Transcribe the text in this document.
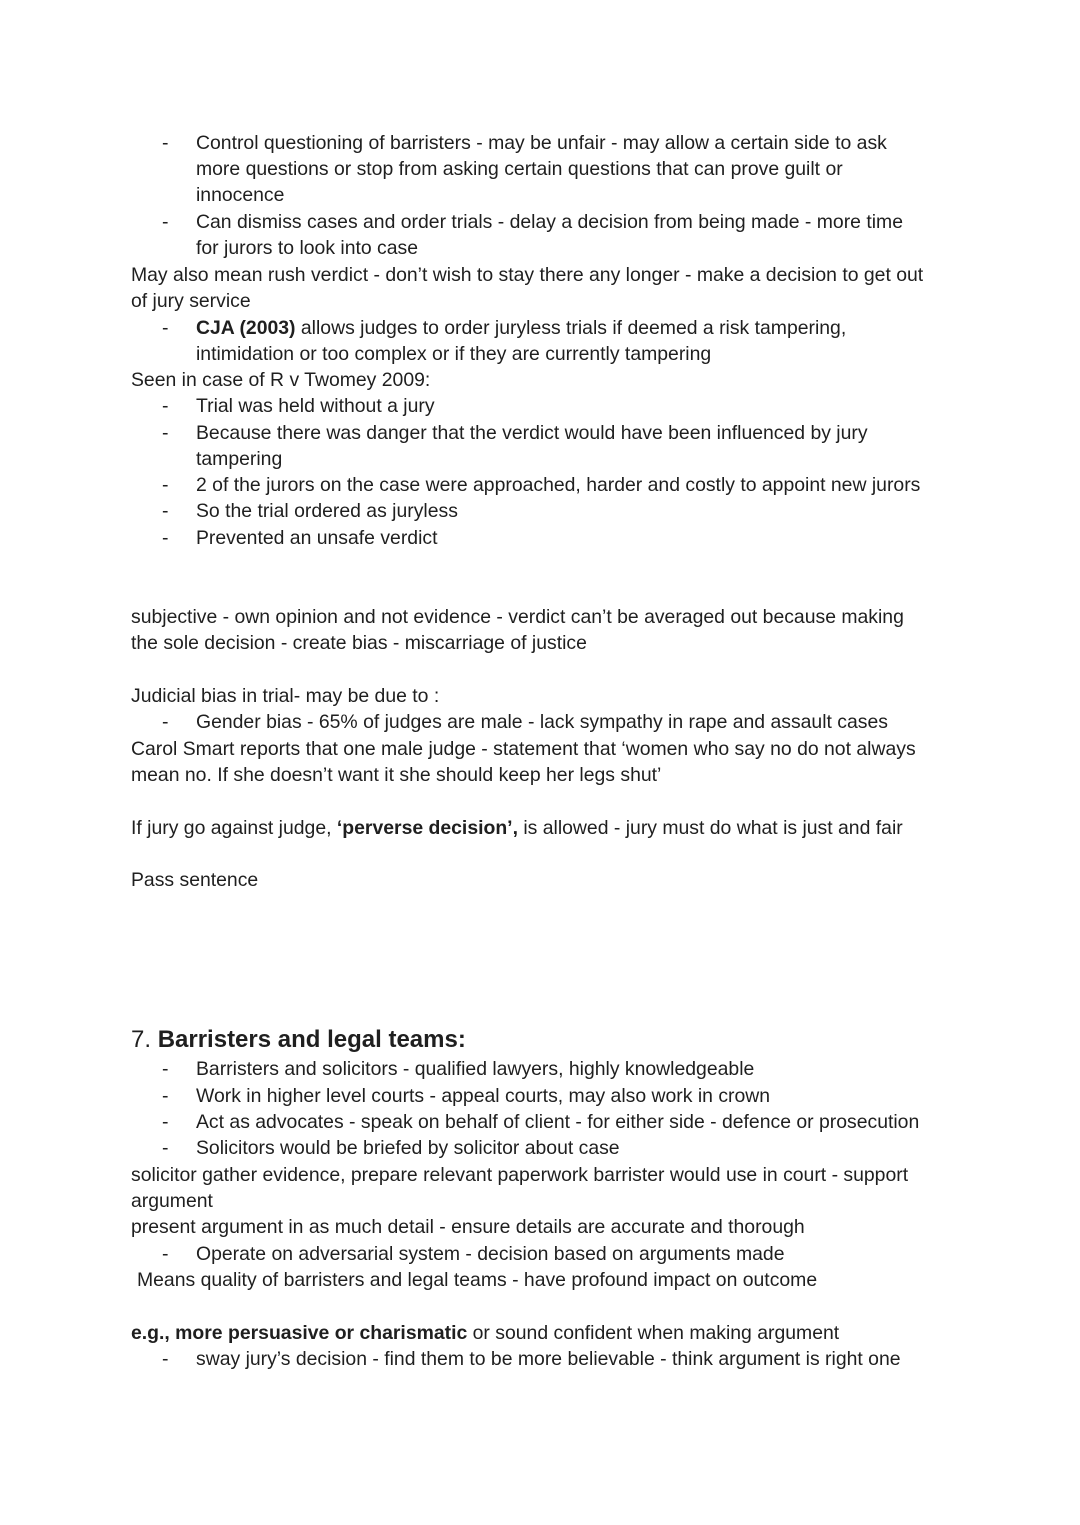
- Control questioning of barristers - may be unfair - may allow a certain side to ask
more questions or stop from asking certain questions that can prove guilt or
innocence
- Can dismiss cases and order trials - delay a decision from being made - more time
for jurors to look into case
May also mean rush verdict - don’t wish to stay there any longer - make a decision to get out
of jury service
- CJA (2003) allows judges to order juryless trials if deemed a risk tampering,
intimidation or too complex or if they are currently tampering
Seen in case of R v Twomey 2009:
- Trial was held without a jury
- Because there was danger that the verdict would have been influenced by jury
tampering
- 2 of the jurors on the case were approached, harder and costly to appoint new jurors
- So the trial ordered as juryless
- Prevented an unsafe verdict
subjective - own opinion and not evidence - verdict can’t be averaged out because making
the sole decision - create bias - miscarriage of justice
Judicial bias in trial- may be due to :
- Gender bias - 65% of judges are male - lack sympathy in rape and assault cases
Carol Smart reports that one male judge - statement that ‘women who say no do not always
mean no. If she doesn’t want it she should keep her legs shut’
If jury go against judge, ‘perverse decision’, is allowed - jury must do what is just and fair
Pass sentence
7. Barristers and legal teams:
- Barristers and solicitors - qualified lawyers, highly knowledgeable
- Work in higher level courts - appeal courts, may also work in crown
- Act as advocates - speak on behalf of client - for either side - defence or prosecution
- Solicitors would be briefed by solicitor about case
solicitor gather evidence, prepare relevant paperwork barrister would use in court - support
argument
present argument in as much detail - ensure details are accurate and thorough
- Operate on adversarial system - decision based on arguments made
Means quality of barristers and legal teams - have profound impact on outcome
e.g., more persuasive or charismatic or sound confident when making argument
- sway jury’s decision - find them to be more believable - think argument is right one
